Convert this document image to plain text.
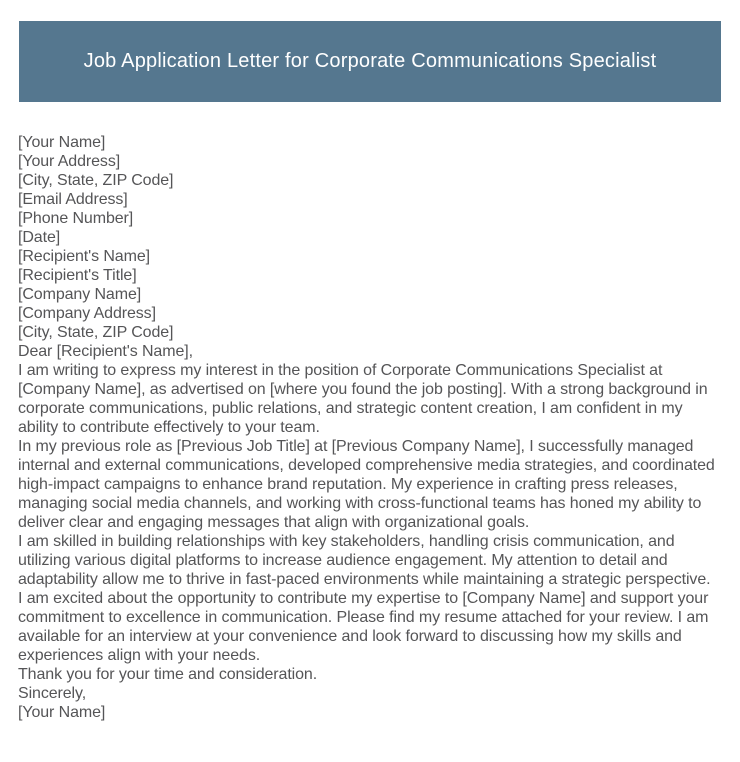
Job Application Letter for Corporate Communications Specialist

[Your Name]

[Your Address]

[City, State, ZIP Code]

[Email Address]

[Phone Number]

[Date]

[Recipient's Name]

[Recipient's Title]

[Company Name]

[Company Address]

[City, State, ZIP Code]

Dear [Recipient's Name],

I am writing to express my interest in the position of Corporate Communications Specialist at [Company Name], as advertised on [where you found the job posting]. With a strong background in corporate communications, public relations, and strategic content creation, I am confident in my ability to contribute effectively to your team.

In my previous role as [Previous Job Title] at [Previous Company Name], I successfully managed internal and external communications, developed comprehensive media strategies, and coordinated high-impact campaigns to enhance brand reputation. My experience in crafting press releases, managing social media channels, and working with cross-functional teams has honed my ability to deliver clear and engaging messages that align with organizational goals.

I am skilled in building relationships with key stakeholders, handling crisis communication, and utilizing various digital platforms to increase audience engagement. My attention to detail and adaptability allow me to thrive in fast-paced environments while maintaining a strategic perspective.

I am excited about the opportunity to contribute my expertise to [Company Name] and support your commitment to excellence in communication. Please find my resume attached for your review. I am available for an interview at your convenience and look forward to discussing how my skills and experiences align with your needs.

Thank you for your time and consideration.

Sincerely,

[Your Name]
